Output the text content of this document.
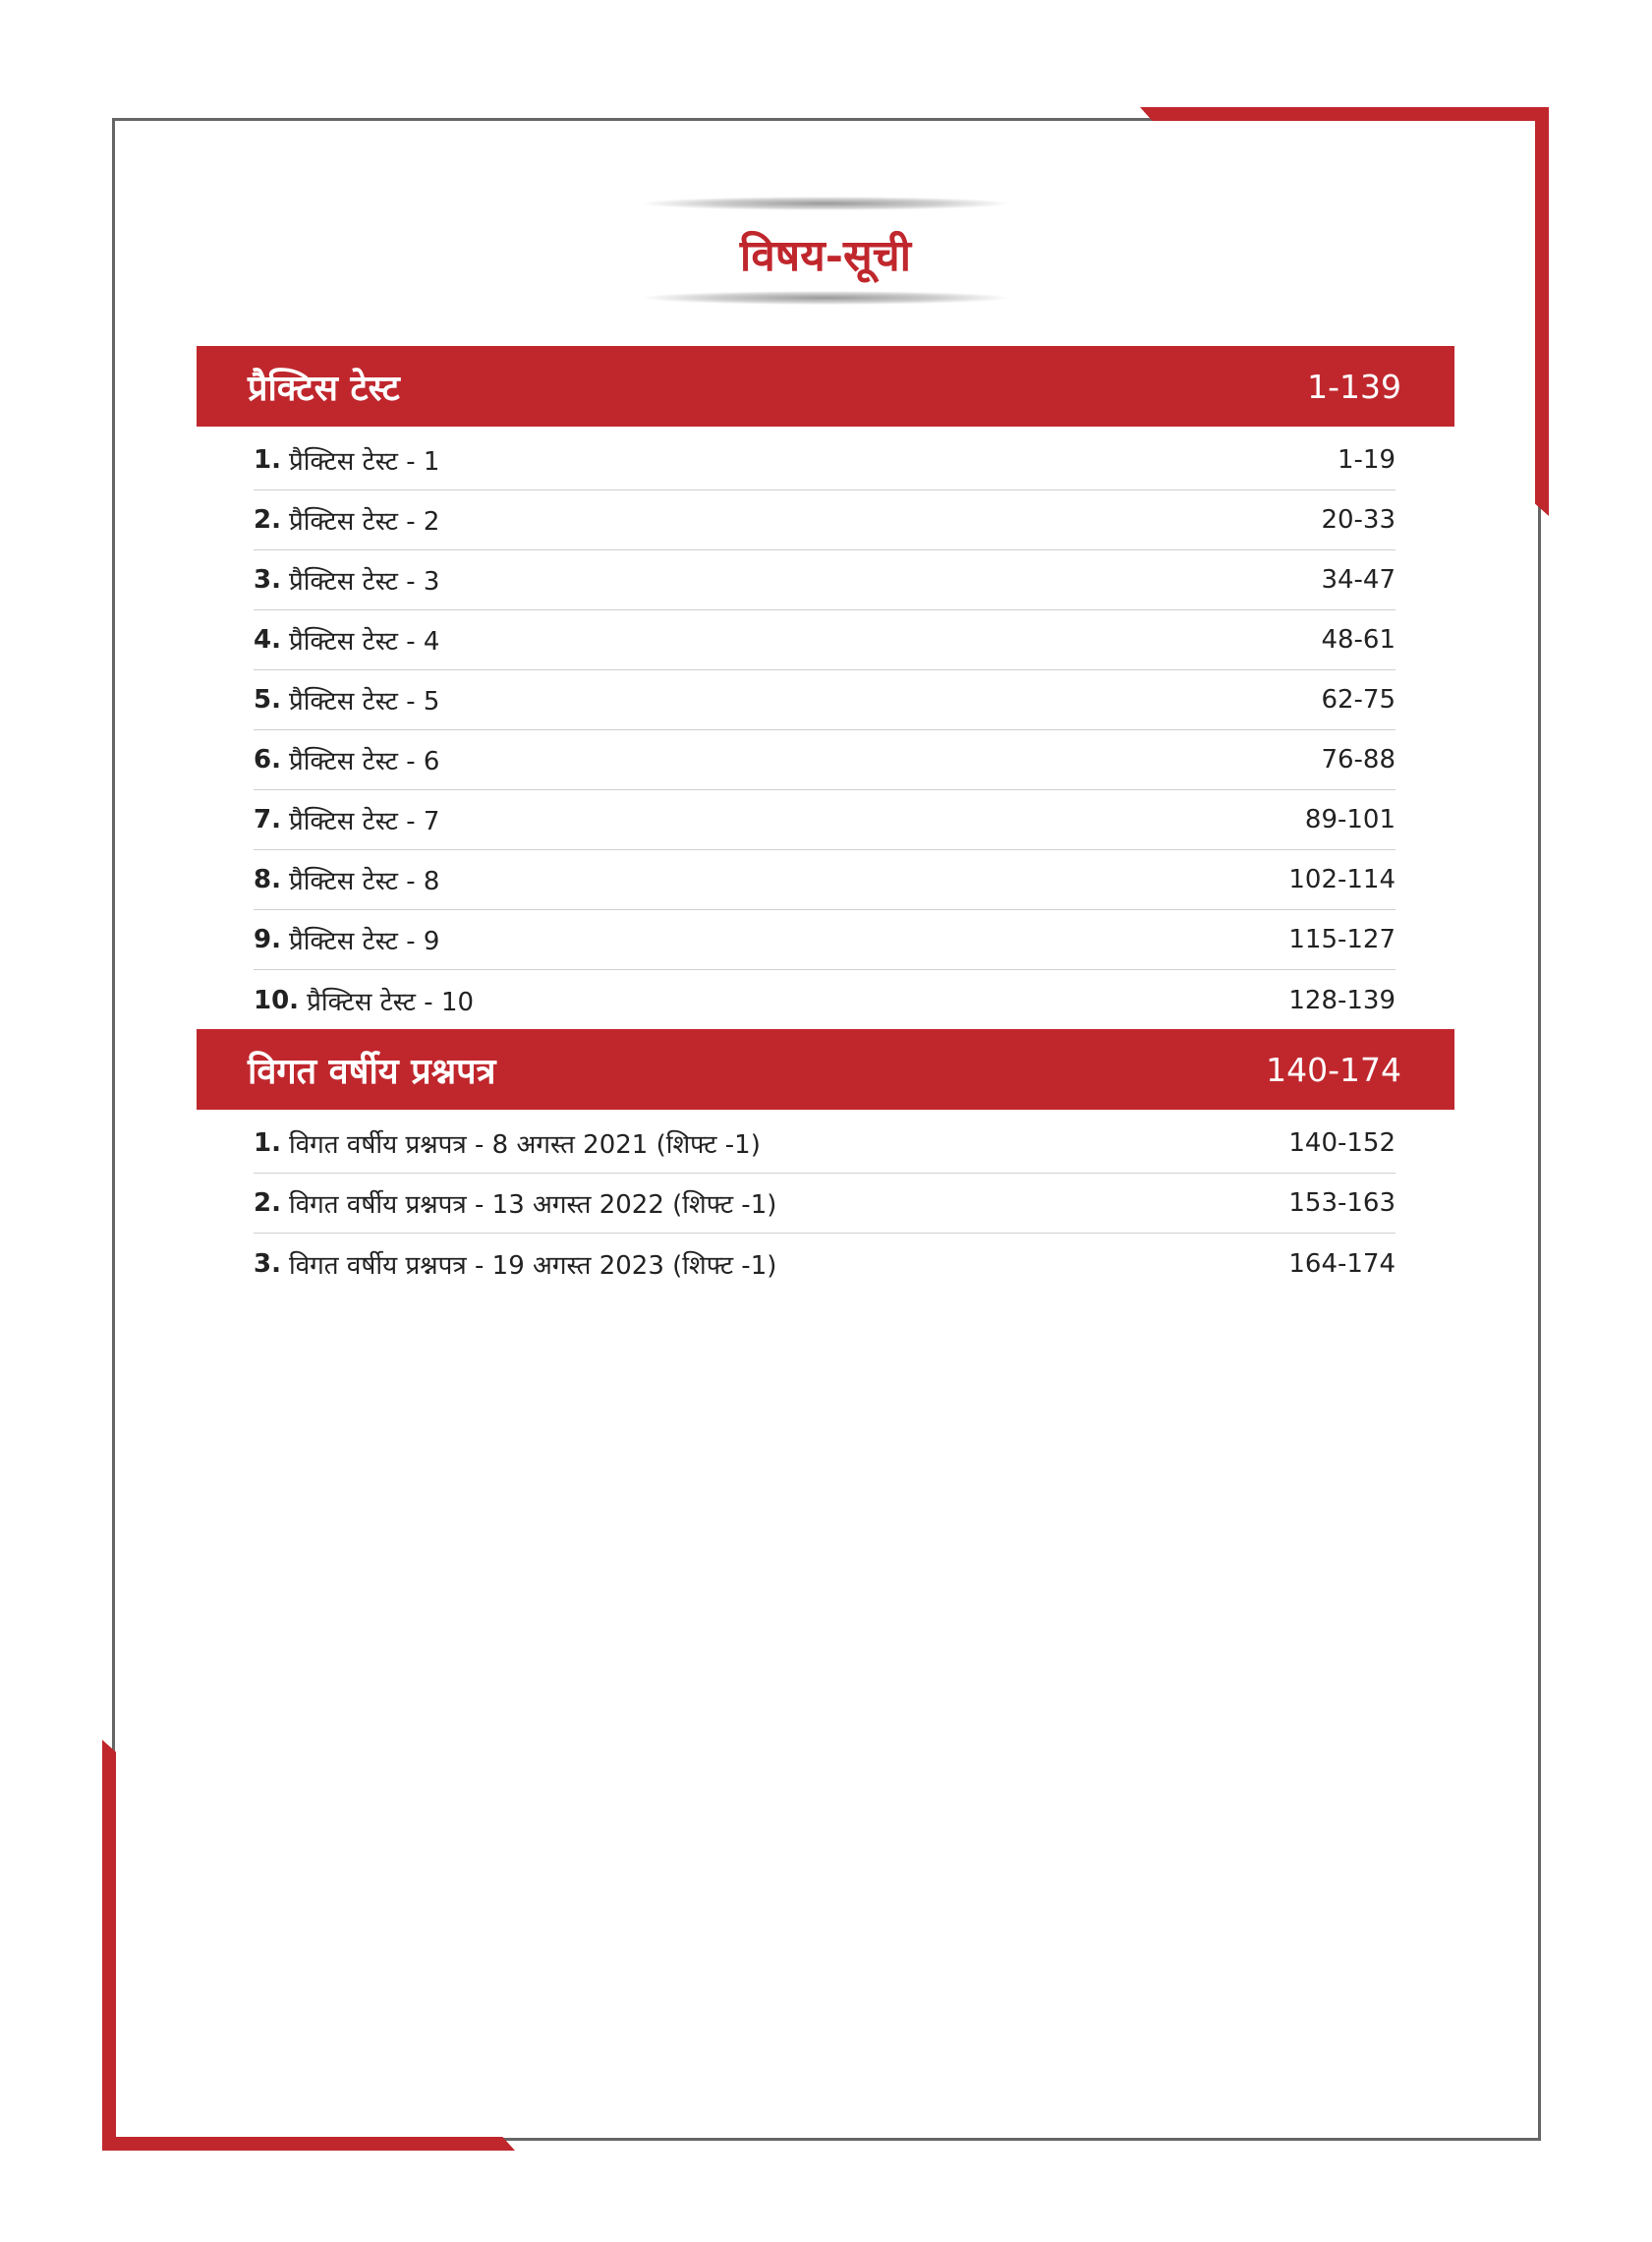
विषय-सूची
प्रैक्टिस टेस्ट	1-139
1. प्रैक्टिस टेस्ट - 1	1-19
2. प्रैक्टिस टेस्ट - 2	20-33
3. प्रैक्टिस टेस्ट - 3	34-47
4. प्रैक्टिस टेस्ट - 4	48-61
5. प्रैक्टिस टेस्ट - 5	62-75
6. प्रैक्टिस टेस्ट - 6	76-88
7. प्रैक्टिस टेस्ट - 7	89-101
8. प्रैक्टिस टेस्ट - 8	102-114
9. प्रैक्टिस टेस्ट - 9	115-127
10. प्रैक्टिस टेस्ट - 10	128-139
विगत वर्षीय प्रश्नपत्र	140-174
1. विगत वर्षीय प्रश्नपत्र - 8 अगस्त 2021 (शिफ्ट -1)	140-152
2. विगत वर्षीय प्रश्नपत्र - 13 अगस्त 2022 (शिफ्ट -1)	153-163
3. विगत वर्षीय प्रश्नपत्र - 19 अगस्त 2023 (शिफ्ट -1)	164-174
